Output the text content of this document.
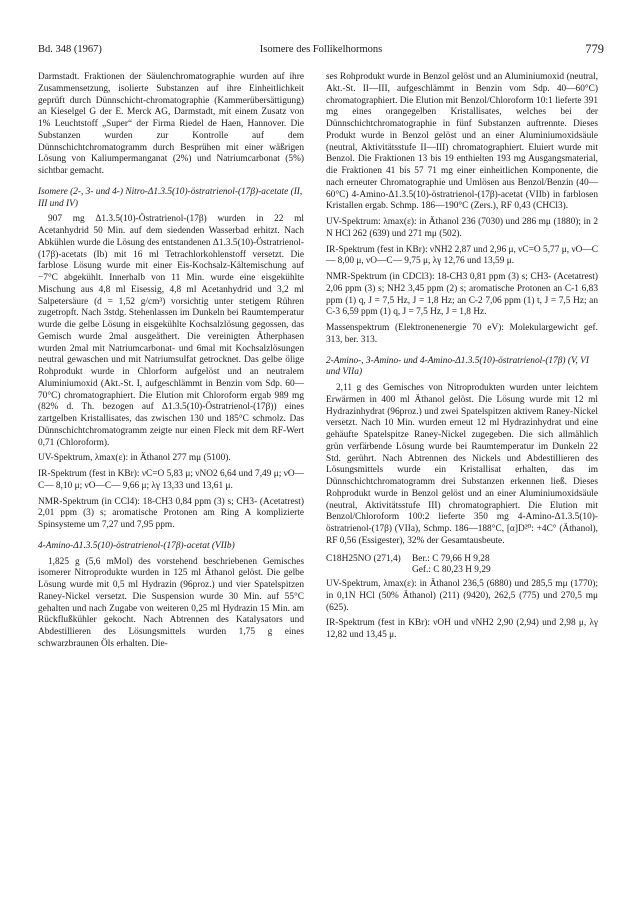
Bd. 348 (1967)	Isomere des Follikelhormons	779

Darmstadt. Fraktionen der Säulenchromatographie wurden auf ihre Zusammensetzung, isolierte Substanzen auf ihre Einheitlichkeit geprüft durch Dünnschicht-chromatographie (Kammerübersättigung) an Kieselgel G der E. Merck AG, Darmstadt, mit einem Zusatz von 1% Leuchtstoff „Super“ der Firma Riedel de Haen, Hannover. Die Substanzen wurden zur Kontrolle auf dem Dünnschichtchromatogramm durch Besprühen mit einer wäßrigen Lösung von Kaliumpermanganat (2%) und Natriumcarbonat (5%) sichtbar gemacht.

Isomere (2-, 3- und 4-) Nitro-Δ1.3.5(10)-östratrienol-(17β)-acetate (II, III und IV)

907 mg Δ1.3.5(10)-Östratrienol-(17β) wurden in 22 ml Acetanhydrid 50 Min. auf dem siedenden Wasserbad erhitzt. Nach Abkühlen wurde die Lösung des entstandenen Δ1.3.5(10)-Östratrienol-(17β)-acetats (Ib) mit 16 ml Tetrachlorkohlenstoff versetzt. Die farblose Lösung wurde mit einer Eis-Kochsalz-Kältemischung auf −7°C abgekühlt. Innerhalb von 11 Min. wurde eine eisgekühlte Mischung aus 4,8 ml Eisessig, 4,8 ml Acetanhydrid und 3,2 ml Salpetersäure (d = 1,52 g/cm³) vorsichtig unter stetigem Rühren zugetropft. Nach 3stdg. Stehenlassen im Dunkeln bei Raumtemperatur wurde die gelbe Lösung in eisgekühlte Kochsalzlösung gegossen, das Gemisch wurde 2mal ausgeäthert. Die vereinigten Ätherphasen wurden 2mal mit Natriumcarbonat- und 6mal mit Kochsalzlösungen neutral gewaschen und mit Natriumsulfat getrocknet. Das gelbe ölige Rohprodukt wurde in Chlorform aufgelöst und an neutralem Aluminiumoxid (Akt.-St. I, aufgeschlämmt in Benzin vom Sdp. 60—70°C) chromatographiert. Die Elution mit Chloroform ergab 989 mg (82% d. Th. bezogen auf Δ1.3.5(10)-Östratrienol-(17β)) eines zartgelben Kristallisates, das zwischen 130 und 185°C schmolz. Das Dünnschichtchromatogramm zeigte nur einen Fleck mit dem RF-Wert 0,71 (Chloroform).

UV-Spektrum, λmax(ε): in Äthanol 277 mμ (5100).

IR-Spektrum (fest in KBr): νC=O 5,83 μ; νNO2 6,64 und 7,49 μ; νO—C— 8,10 μ; νO—C— 9,66 μ; λγ 13,33 und 13,61 μ.

NMR-Spektrum (in CCl4): 18-CH3 0,84 ppm (3) s; CH3- (Acetatrest) 2,01 ppm (3) s; aromatische Protonen am Ring A komplizierte Spinsysteme um 7,27 und 7,95 ppm.

4-Amino-Δ1.3.5(10)-östratrienol-(17β)-acetat (VIIb)

1,825 g (5,6 mMol) des vorstehend beschriebenen Gemisches isomerer Nitroprodukte wurden in 125 ml Äthanol gelöst. Die gelbe Lösung wurde mit 0,5 ml Hydrazin (96proz.) und vier Spatelspitzen Raney-Nickel versetzt. Die Suspension wurde 30 Min. auf 55°C gehalten und nach Zugabe von weiteren 0,25 ml Hydrazin 15 Min. am Rückflußkühler gekocht. Nach Abtrennen des Katalysators und Abdestillieren des Lösungsmittels wurden 1,75 g eines schwarzbraunen Öls erhalten. Die-

ses Rohprodukt wurde in Benzol gelöst und an Aluminiumoxid (neutral, Akt.-St. II—III, aufgeschlämmt in Benzin vom Sdp. 40—60°C) chromatographiert. Die Elution mit Benzol/Chloroform 10:1 lieferte 391 mg eines orangegelben Kristallisates, welches bei der Dünnschichtchromatographie in fünf Substanzen auftrennte. Dieses Produkt wurde in Benzol gelöst und an einer Aluminiumoxidsäule (neutral, Aktivitätsstufe II—III) chromatographiert. Eluiert wurde mit Benzol. Die Fraktionen 13 bis 19 enthielten 193 mg Ausgangsmaterial, die Fraktionen 41 bis 57 71 mg einer einheitlichen Komponente, die nach erneuter Chromatographie und Umlösen aus Benzol/Benzin (40—60°C) 4-Amino-Δ1.3.5(10)-östratrienol-(17β)-acetat (VIIb) in farblosen Kristallen ergab. Schmp. 186—190°C (Zers.), RF 0,43 (CHCl3).

UV-Spektrum: λmax(ε): in Äthanol 236 (7030) und 286 mμ (1880); in 2 N HCl 262 (639) und 271 mμ (502).

IR-Spektrum (fest in KBr): νNH2 2,87 und 2,96 μ, νC=O 5,77 μ, νO—C— 8,00 μ, νO—C— 9,75 μ, λγ 12,76 und 13,59 μ.

NMR-Spektrum (in CDCl3): 18-CH3 0,81 ppm (3) s; CH3- (Acetatrest) 2,06 ppm (3) s; NH2 3,45 ppm (2) s; aromatische Protonen an C-1 6,83 ppm (1) q, J = 7,5 Hz, J = 1,8 Hz; an C-2 7,06 ppm (1) t, J = 7,5 Hz; an C-3 6,59 ppm (1) q, J = 7,5 Hz, J = 1,8 Hz.

Massenspektrum (Elektronenenergie 70 eV): Molekulargewicht gef. 313, ber. 313.

2-Amino-, 3-Amino- und 4-Amino-Δ1.3.5(10)-östratrienol-(17β) (V, VI und VIIa)

2,11 g des Gemisches von Nitroprodukten wurden unter leichtem Erwärmen in 400 ml Äthanol gelöst. Die Lösung wurde mit 12 ml Hydrazinhydrat (96proz.) und zwei Spatelspitzen aktivem Raney-Nickel versetzt. Nach 10 Min. wurden erneut 12 ml Hydrazinhydrat und eine gehäufte Spatelspitze Raney-Nickel zugegeben. Die sich allmählich grün verfärbende Lösung wurde bei Raumtemperatur im Dunkeln 22 Std. gerührt. Nach Abtrennen des Nickels und Abdestillieren des Lösungsmittels wurde ein Kristallisat erhalten, das im Dünnschichtchromatogramm drei Substanzen erkennen ließ. Dieses Rohprodukt wurde in Benzol gelöst und an einer Aluminiumoxidsäule (neutral, Aktivitätsstufe III) chromatographiert. Die Elution mit Benzol/Chloroform 100:2 lieferte 350 mg 4-Amino-Δ1.3.5(10)-östratrienol-(17β) (VIIa), Schmp. 186—188°C, [α]D²⁰: +4C° (Äthanol), RF 0,56 (Essigester), 32% der Gesamtausbeute.

C18H25NO (271,4)	Ber.: C 79,66 H 9,28
Gef.: C 80,23 H 9,29

UV-Spektrum, λmax(ε): in Äthanol 236,5 (6880) und 285,5 mμ (1770); in 0,1N HCl (50% Äthanol) (211) (9420), 262,5 (775) und 270,5 mμ (625).

IR-Spektrum (fest in KBr): νOH und νNH2 2,90 (2,94) und 2,98 μ, λγ 12,82 und 13,45 μ.
